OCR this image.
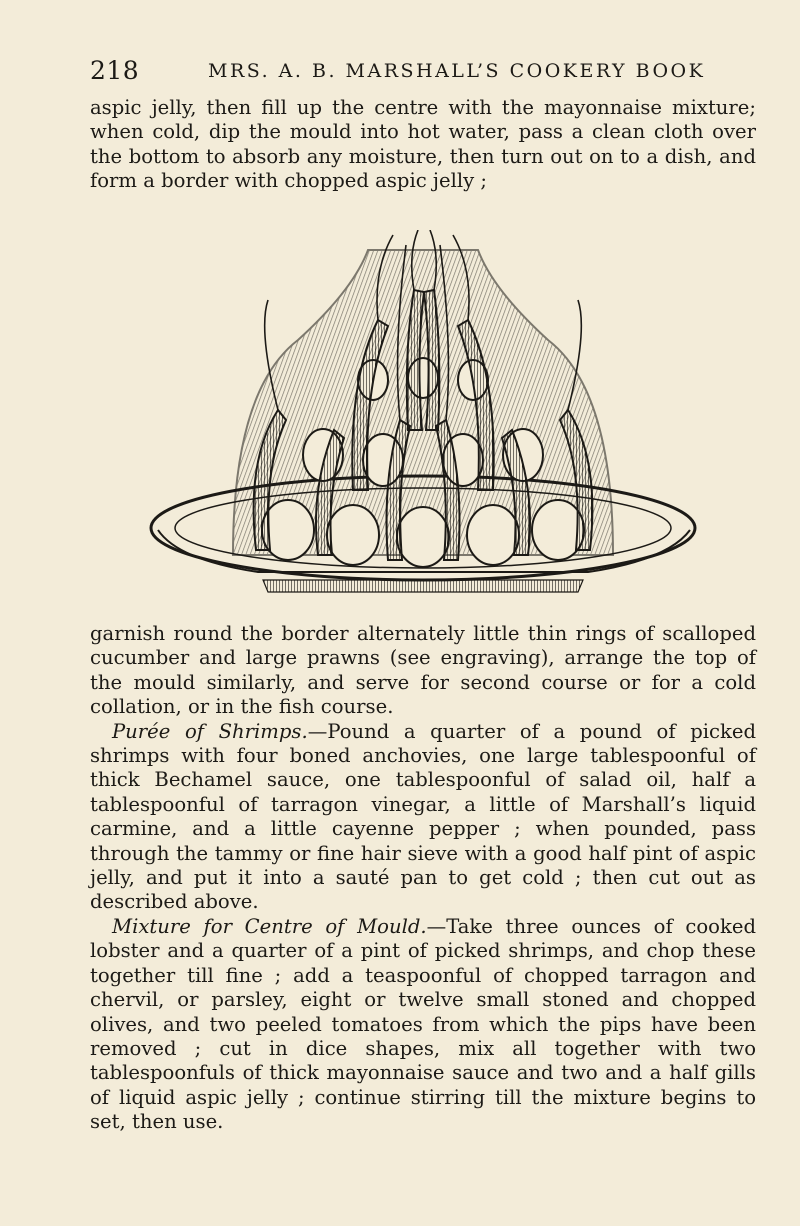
218	MRS. A. B. MARSHALL’S COOKERY BOOK

aspic jelly, then fill up the centre with the mayonnaise mixture; when cold, dip the mould into hot water, pass a clean cloth over the bottom to absorb any moisture, then turn out on to a dish, and form a border with chopped aspic jelly ;

garnish round the border alternately little thin rings of scalloped cucumber and large prawns (see engraving), arrange the top of the mould similarly, and serve for second course or for a cold collation, or in the fish course.

Purée of Shrimps.—Pound a quarter of a pound of picked shrimps with four boned anchovies, one large tablespoonful of thick Bechamel sauce, one tablespoonful of salad oil, half a tablespoonful of tarragon vinegar, a little of Marshall’s liquid carmine, and a little cayenne pepper ; when pounded, pass through the tammy or fine hair sieve with a good half pint of aspic jelly, and put it into a sauté pan to get cold ; then cut out as described above.

Mixture for Centre of Mould.—Take three ounces of cooked lobster and a quarter of a pint of picked shrimps, and chop these together till fine ; add a teaspoonful of chopped tarragon and chervil, or parsley, eight or twelve small stoned and chopped olives, and two peeled tomatoes from which the pips have been removed ; cut in dice shapes, mix all together with two tablespoonfuls of thick mayonnaise sauce and two and a half gills of liquid aspic jelly ; continue stirring till the mixture begins to set, then use.
